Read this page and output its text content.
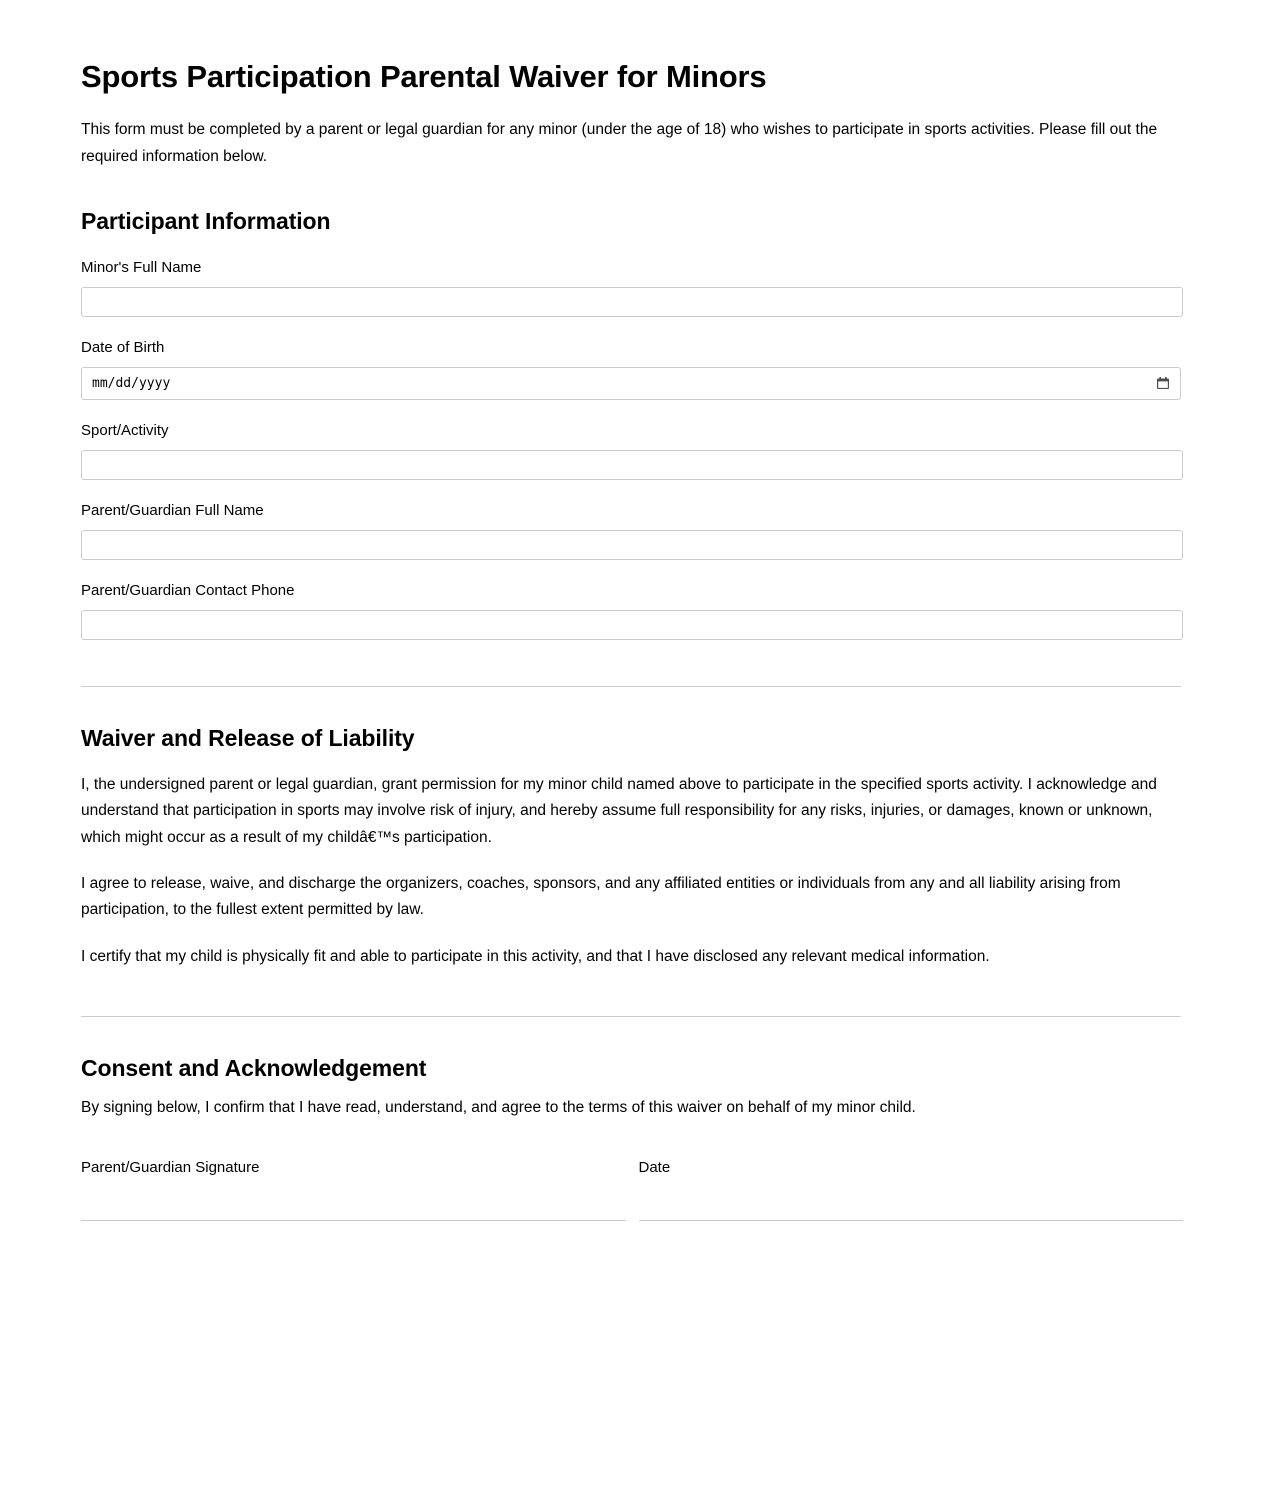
Sports Participation Parental Waiver for Minors

This form must be completed by a parent or legal guardian for any minor (under the age of 18) who wishes to participate in sports activities. Please fill out the required information below.

Participant Information
Minor's Full Name
Date of Birth
mm/dd/yyyy
Sport/Activity
Parent/Guardian Full Name
Parent/Guardian Contact Phone
Waiver and Release of Liability

I, the undersigned parent or legal guardian, grant permission for my minor child named above to participate in the specified sports activity. I acknowledge and understand that participation in sports may involve risk of injury, and hereby assume full responsibility for any risks, injuries, or damages, known or unknown, which might occur as a result of my childâ€™s participation.

I agree to release, waive, and discharge the organizers, coaches, sponsors, and any affiliated entities or individuals from any and all liability arising from participation, to the fullest extent permitted by law.

I certify that my child is physically fit and able to participate in this activity, and that I have disclosed any relevant medical information.

Consent and Acknowledgement

By signing below, I confirm that I have read, understand, and agree to the terms of this waiver on behalf of my minor child.

Parent/Guardian Signature	Date
